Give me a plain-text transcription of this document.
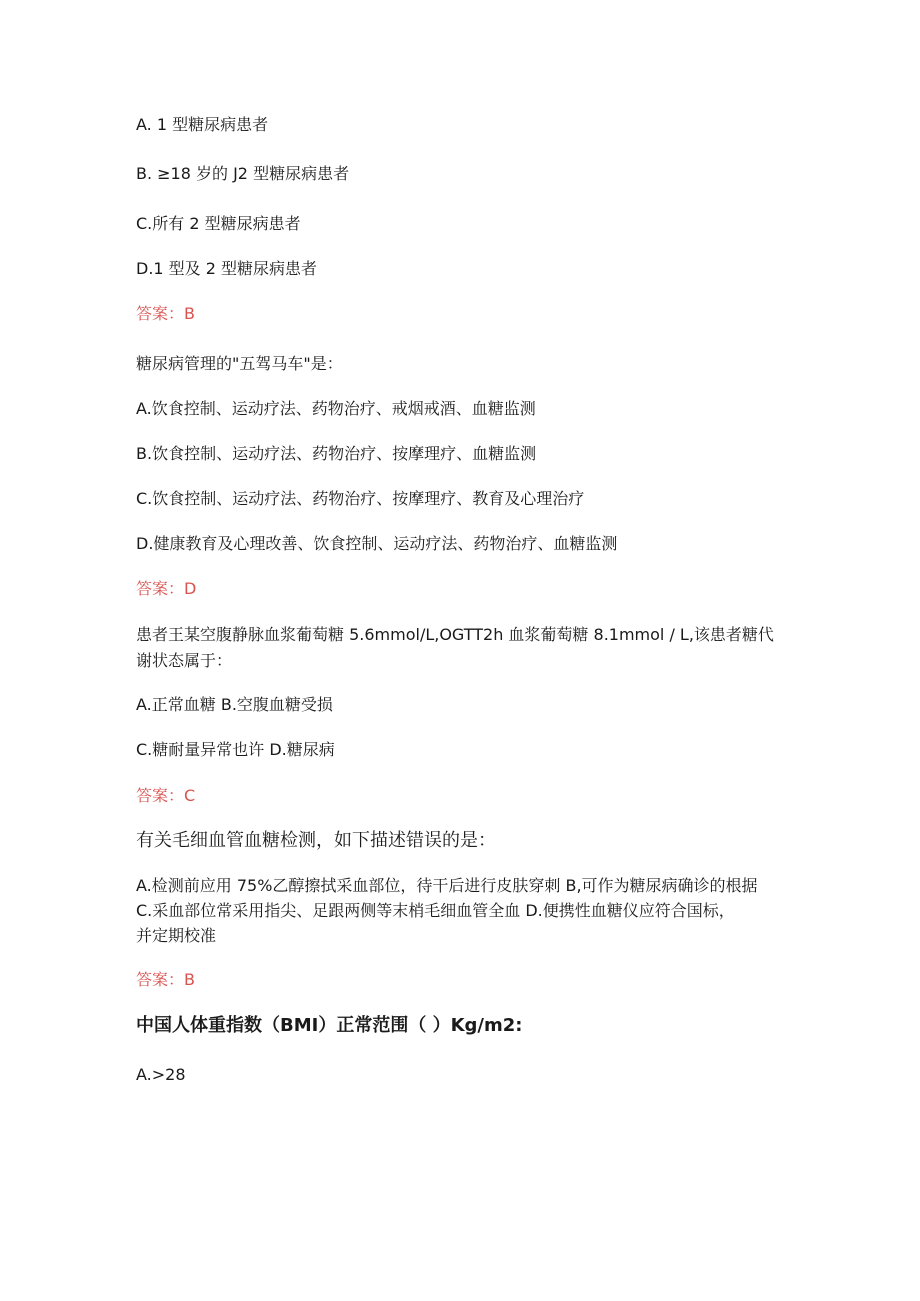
A. 1 型糖尿病患者
B. ≥18 岁的 J2 型糖尿病患者
C.所有 2 型糖尿病患者
D.1 型及 2 型糖尿病患者
答案：B
糖尿病管理的"五驾马车"是：
A.饮食控制、运动疗法、药物治疗、戒烟戒酒、血糖监测
B.饮食控制、运动疗法、药物治疗、按摩理疗、血糖监测
C.饮食控制、运动疗法、药物治疗、按摩理疗、教育及心理治疗
D.健康教育及心理改善、饮食控制、运动疗法、药物治疗、血糖监测
答案：D
患者王某空腹静脉血浆葡萄糖 5.6mmol/L,OGTT2h 血浆葡萄糖 8.1mmol / L,该患者糖代
谢状态属于：
A.正常血糖 B.空腹血糖受损
C.糖耐量异常也许 D.糖尿病
答案：C
有关毛细血管血糖检测，如下描述错误的是：
A.检测前应用 75%乙醇擦拭采血部位，待干后进行皮肤穿刺 B,可作为糖尿病确诊的根据
C.采血部位常采用指尖、足跟两侧等末梢毛细血管全血 D.便携性血糖仪应符合国标，
并定期校准
答案：B
中国人体重指数（BMI）正常范围（ ）Kg/m2:
A.>28
